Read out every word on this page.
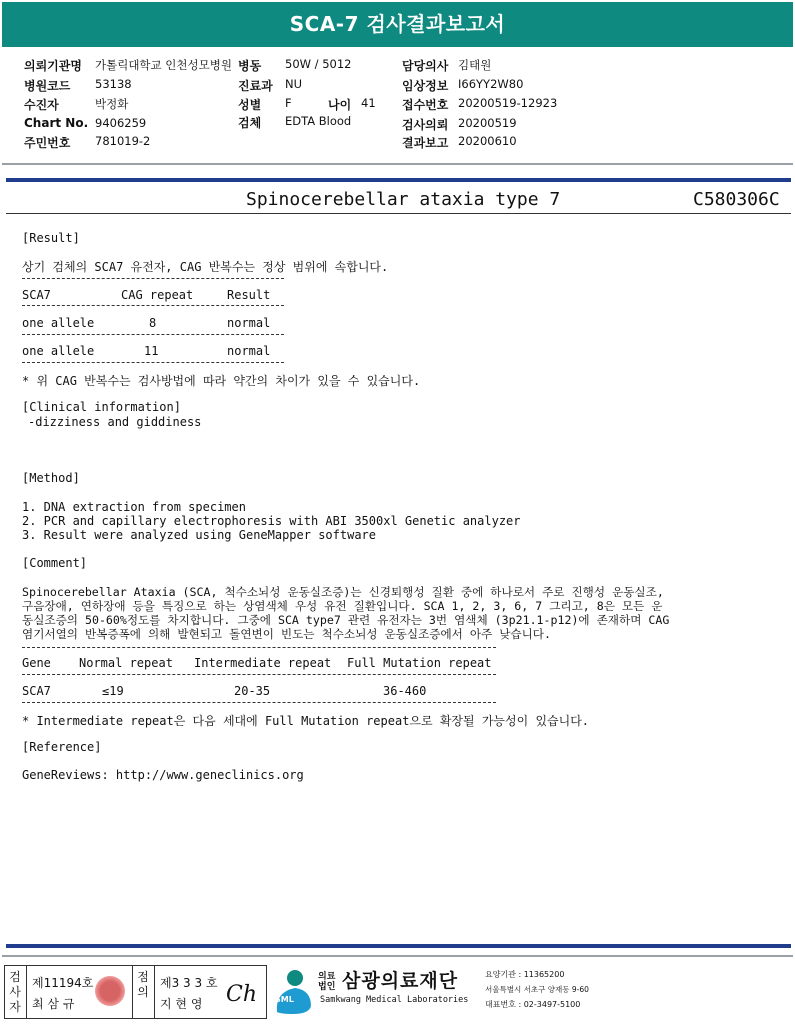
SCA-7 검사결과보고서
의뢰기관명 가톨릭대학교 인천성모병원 병동 50W / 5012	담당의사 김태원
병원코드 53138	진료과 NU	임상정보 I66YY2W80
수진자	박정화	성별 F	나이 41 접수번호 20200519-12923
Chart No. 9406259	검체 EDTA Blood	검사의뢰 20200519
주민번호 781019-2	결과보고 20200610
Spinocerebellar ataxia type 7	C580306C
[Result]
상기 검체의 SCA7 유전자, CAG 반복수는 정상 범위에 속합니다.
SCA7	CAG repeat	Result
one allele	8	normal
one allele	11	normal
* 위 CAG 반복수는 검사방법에 따라 약간의 차이가 있을 수 있습니다.
[Clinical information]
-dizziness and giddiness
[Method]
1. DNA extraction from specimen
2. PCR and capillary electrophoresis with ABI 3500xl Genetic analyzer
3. Result were analyzed using GeneMapper software
[Comment]
Spinocerebellar Ataxia (SCA, 척수소뇌성 운동실조증)는 신경퇴행성 질환 중에 하나로서 주로 진행성 운동실조,
구음장애, 연하장애 등을 특징으로 하는 상염색체 우성 유전 질환입니다. SCA 1, 2, 3, 6, 7 그리고, 8은 모든 운
동실조증의 50-60%정도를 차지합니다. 그중에 SCA type7 관련 유전자는 3번 염색체 (3p21.1-p12)에 존재하며 CAG
염기서열의 반복증폭에 의해 발현되고 돌연변이 빈도는 척수소뇌성 운동실조증에서 아주 낮습니다.
Gene Normal repeat Intermediate repeat Full Mutation repeat
SCA7	≤19	20-35	36-460
* Intermediate repeat은 다음 세대에 Full Mutation repeat으로 확장될 가능성이 있습니다.
[Reference]
GeneReviews: http://www.geneclinics.org
검사자
제11194호
최 삼 규
점의
제3 3 3 호
지 현 영 Ch SML
의료 법인 삼광의료재단
Samkwang Medical Laboratories
요양기관 : 11365200
서울특별시 서초구 양재동 9-60
대표번호 : 02-3497-5100
